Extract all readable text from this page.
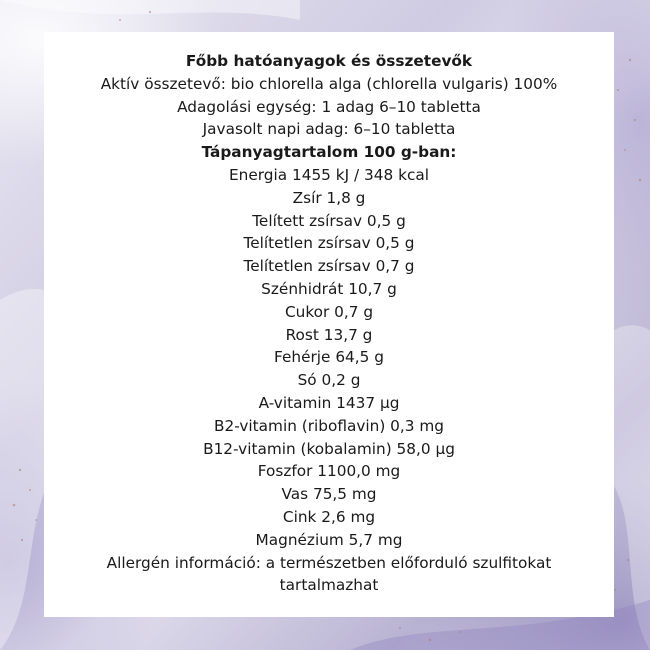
Főbb hatóanyagok és összetevők
Aktív összetevő: bio chlorella alga (chlorella vulgaris) 100%
Adagolási egység: 1 adag 6–10 tabletta
Javasolt napi adag: 6–10 tabletta
Tápanyagtartalom 100 g-ban:
Energia 1455 kJ / 348 kcal
Zsír 1,8 g
Telített zsírsav 0,5 g
Telítetlen zsírsav 0,5 g
Telítetlen zsírsav 0,7 g
Szénhidrát 10,7 g
Cukor 0,7 g
Rost 13,7 g
Fehérje 64,5 g
Só 0,2 g
A-vitamin 1437 µg
B2-vitamin (riboflavin) 0,3 mg
B12-vitamin (kobalamin) 58,0 µg
Foszfor 1100,0 mg
Vas 75,5 mg
Cink 2,6 mg
Magnézium 5,7 mg
Allergén információ: a természetben előforduló szulfitokat
tartalmazhat
